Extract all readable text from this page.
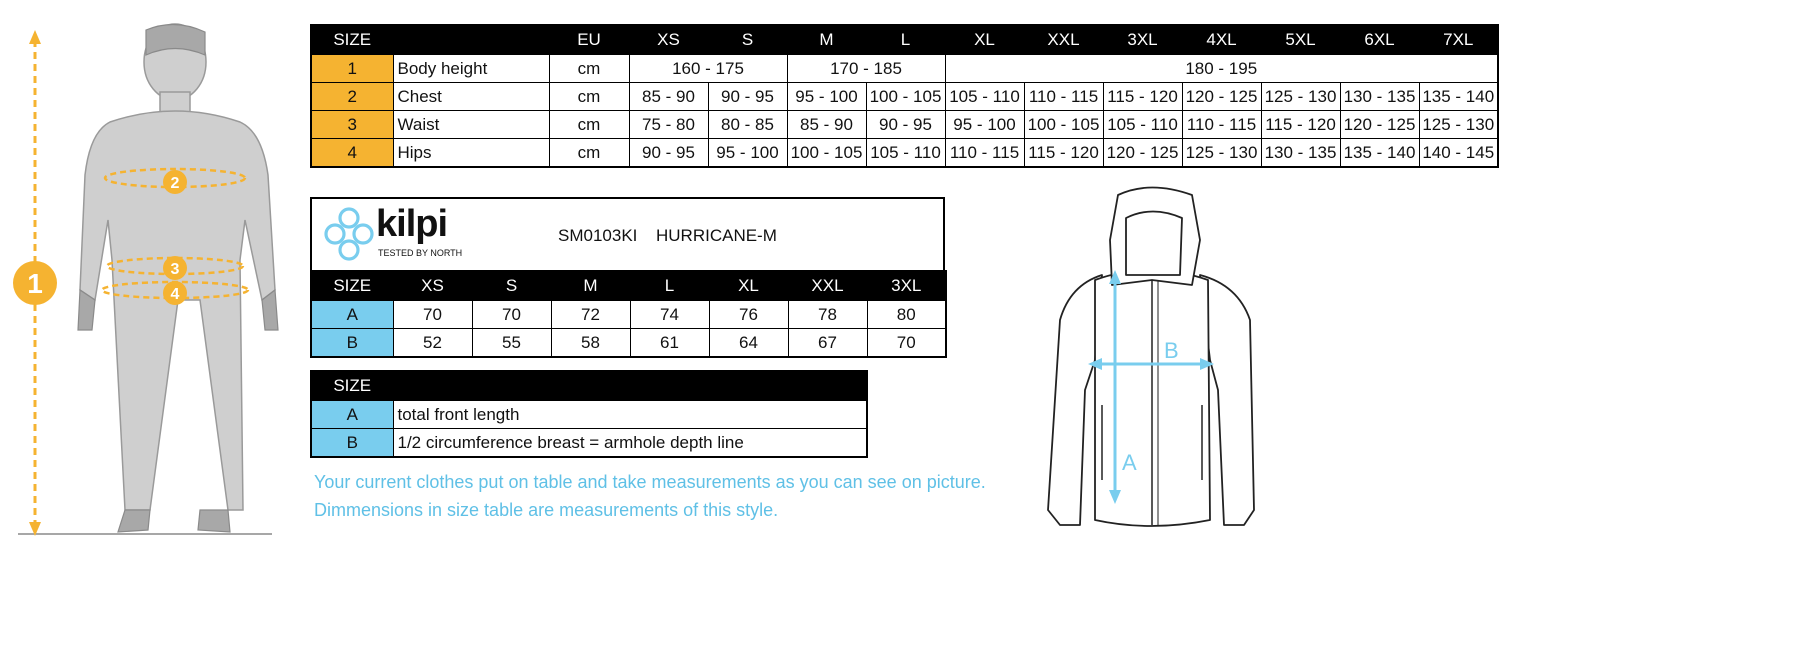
1
2
3
4
SIZE		EU	XS	S	M	L	XL	XXL	3XL	4XL	5XL	6XL	7XL
1	Body height	cm	160 - 175		170 - 185		180 - 195						
2	Chest	cm	85 - 90	90 - 95	95 - 100	100 - 105	105 - 110	110 - 115	115 - 120	120 - 125	125 - 130	130 - 135	135 - 140
3	Waist	cm	75 - 80	80 - 85	85 - 90	90 - 95	95 - 100	100 - 105	105 - 110	110 - 115	115 - 120	120 - 125	125 - 130
4	Hips	cm	90 - 95	95 - 100	100 - 105	105 - 110	110 - 115	115 - 120	120 - 125	125 - 130	130 - 135	135 - 140	140 - 145
kilpi
TESTED BY NORTH
SM0103KI HURRICANE-M
SIZE	XS	S	M	L	XL	XXL	3XL
A	70	70	72	74	76	78	80
B	52	55	58	61	64	67	70
SIZE	
A	total front length
B	1/2 circumference breast = armhole depth line
Your current clothes put on table and take measurements as you can see on picture.
Dimmensions in size table are measurements of this style.
A
B
